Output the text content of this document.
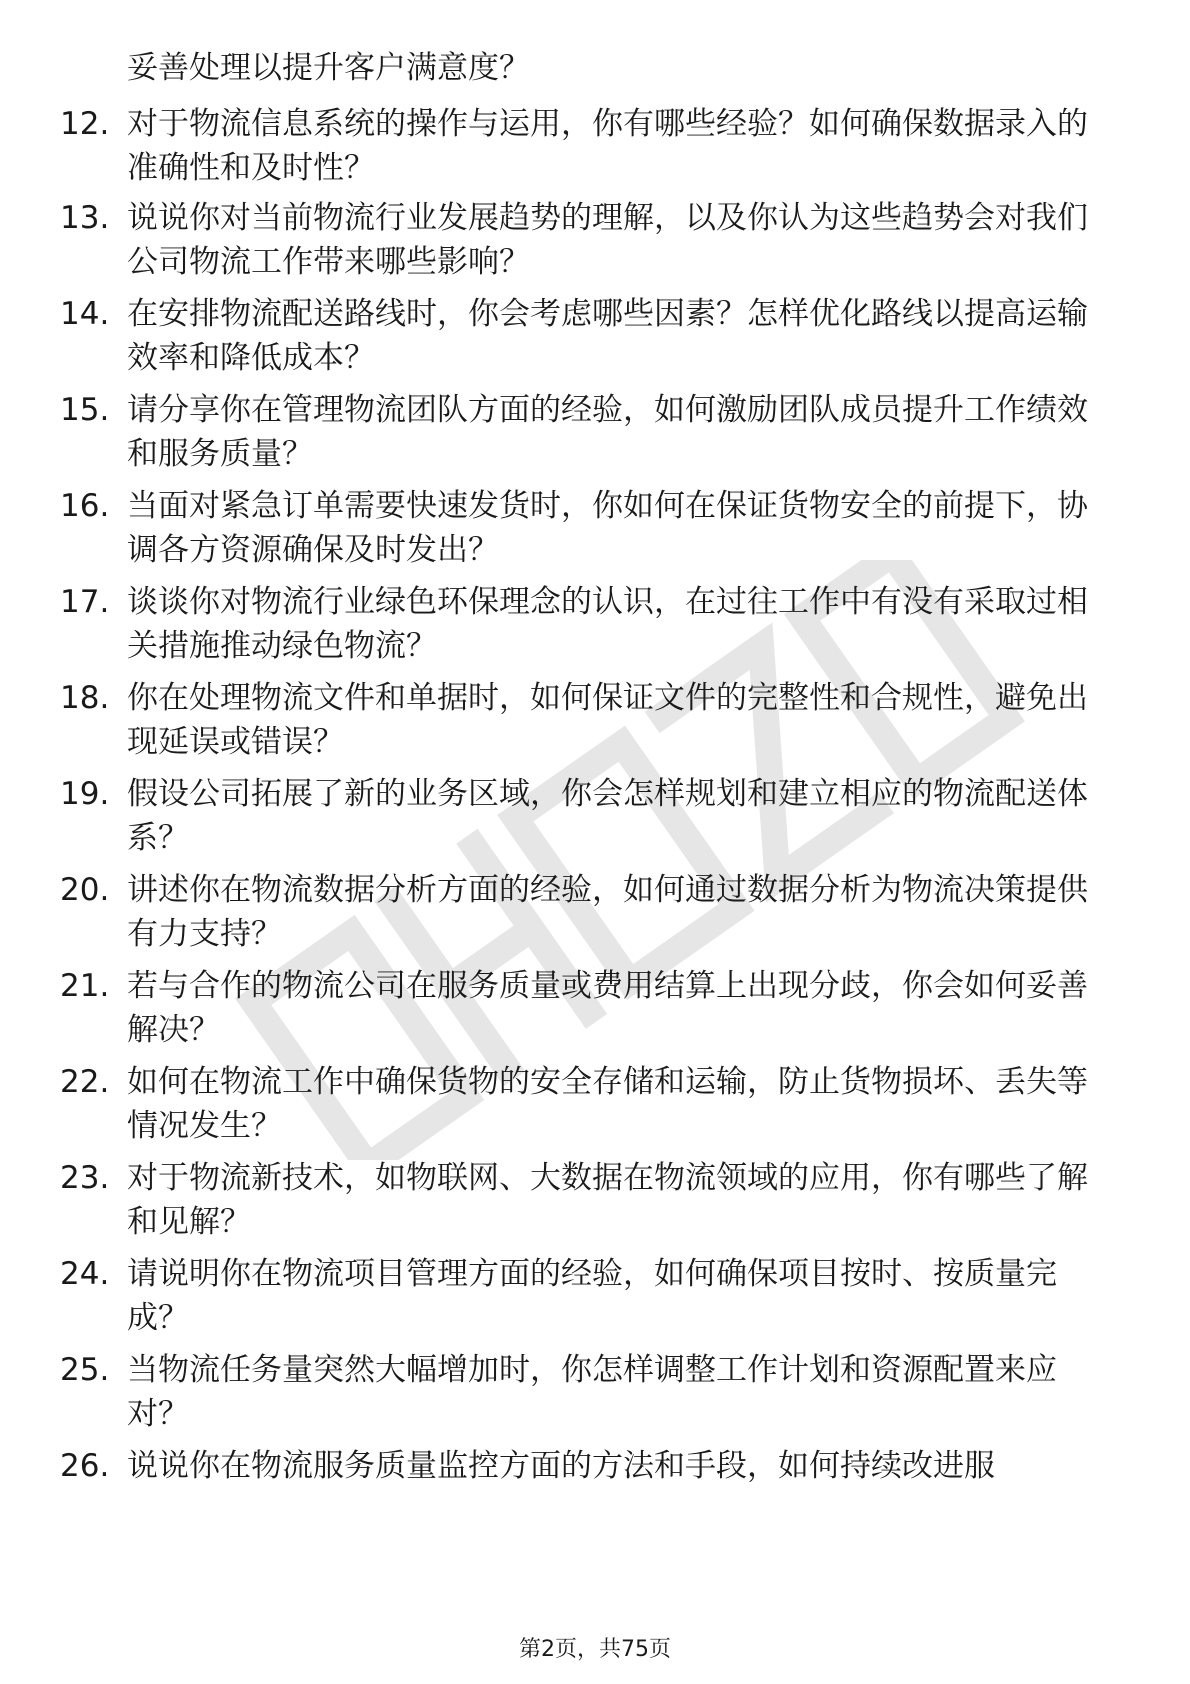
妥善处理以提升客户满意度？
12. 对于物流信息系统的操作与运用，你有哪些经验？如何确保数据录入的准确性和及时性？
13. 说说你对当前物流行业发展趋势的理解，以及你认为这些趋势会对我们公司物流工作带来哪些影响？
14. 在安排物流配送路线时，你会考虑哪些因素？怎样优化路线以提高运输效率和降低成本？
15. 请分享你在管理物流团队方面的经验，如何激励团队成员提升工作绩效和服务质量？
16. 当面对紧急订单需要快速发货时，你如何在保证货物安全的前提下，协调各方资源确保及时发出？
17. 谈谈你对物流行业绿色环保理念的认识，在过往工作中有没有采取过相关措施推动绿色物流？
18. 你在处理物流文件和单据时，如何保证文件的完整性和合规性，避免出现延误或错误？
19. 假设公司拓展了新的业务区域，你会怎样规划和建立相应的物流配送体系？
20. 讲述你在物流数据分析方面的经验，如何通过数据分析为物流决策提供有力支持？
21. 若与合作的物流公司在服务质量或费用结算上出现分歧，你会如何妥善解决？
22. 如何在物流工作中确保货物的安全存储和运输，防止货物损坏、丢失等情况发生？
23. 对于物流新技术，如物联网、大数据在物流领域的应用，你有哪些了解和见解？
24. 请说明你在物流项目管理方面的经验，如何确保项目按时、按质量完成？
25. 当物流任务量突然大幅增加时，你怎样调整工作计划和资源配置来应对？
26. 说说你在物流服务质量监控方面的方法和手段，如何持续改进服
第2页，共75页
